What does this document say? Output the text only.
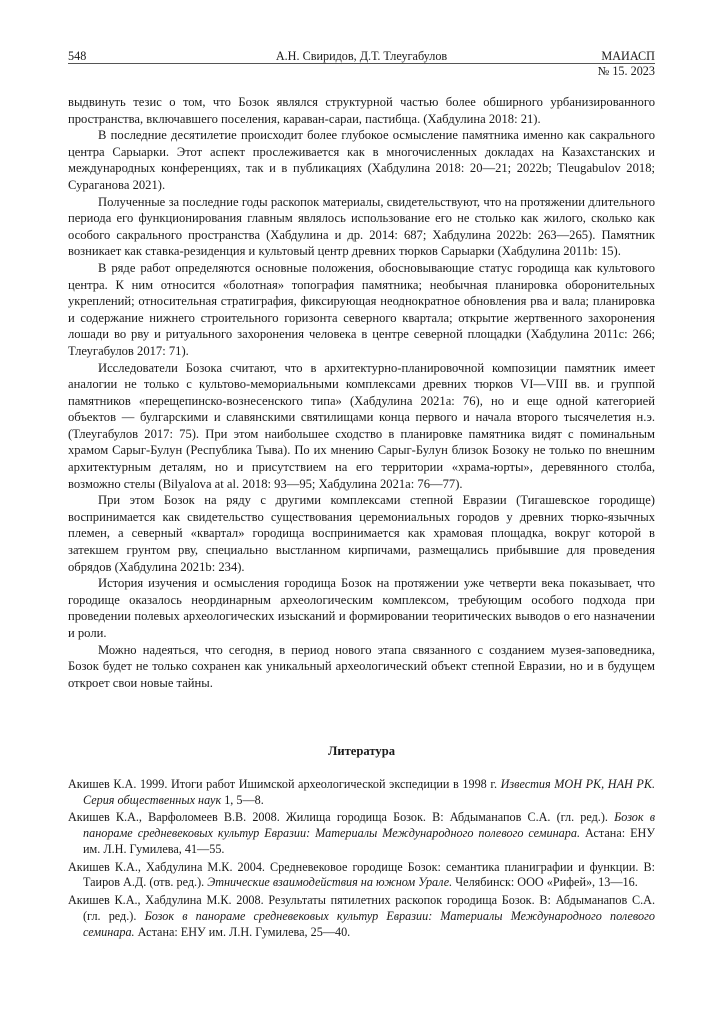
548	А.Н. Свиридов, Д.Т. Тлеугабулов	МАИАСП
№ 15. 2023

выдвинуть тезис о том, что Бозок являлся структурной частью более обширного урбанизированного пространства, включавшего поселения, караван-сараи, пастибща. (Хабдулина 2018: 21).

В последние десятилетие происходит более глубокое осмысление памятника именно как сакрального центра Сарыарки. Этот аспект прослеживается как в многочисленных докладах на Казахстанских и международных конференциях, так и в публикациях (Хабдулина 2018: 20—21; 2022b; Tleugabulov 2018; Сураганова 2021).

Полученные за последние годы раскопок материалы, свидетельствуют, что на протяжении длительного периода его функционирования главным являлось использование его не столько как жилого, сколько как особого сакрального пространства (Хабдулина и др. 2014: 687; Хабдулина 2022b: 263—265). Памятник возникает как ставка-резиденция и культовый центр древних тюрков Сарыарки (Хабдулина 2011b: 15).

В ряде работ определяются основные положения, обосновывающие статус городища как культового центра. К ним относится «болотная» топография памятника; необычная планировка оборонительных укреплений; относительная стратиграфия, фиксирующая неоднократное обновления рва и вала; планировка и содержание нижнего строительного горизонта северного квартала; открытие жертвенного захоронения лошади во рву и ритуального захоронения человека в центре северной площадки (Хабдулина 2011c: 266; Тлеугабулов 2017: 71).

Исследователи Бозока считают, что в архитектурно-планировочной композиции памятник имеет аналогии не только с культово-мемориальными комплексами древних тюрков VI—VIII вв. и группой памятников «перещепинско-вознесенского типа» (Хабдулина 2021a: 76), но и еще одной категорией объектов — булгарскими и славянскими святилищами конца первого и начала второго тысячелетия н.э. (Тлеугабулов 2017: 75). При этом наибольшее сходство в планировке памятника видят с поминальным храмом Сарыг-Булун (Республика Тыва). По их мнению Сарыг-Булун близок Бозоку не только по внешним архитектурным деталям, но и присутствием на его территории «храма-юрты», деревянного столба, возможно стелы (Bilyalova at al. 2018: 93—95; Хабдулина 2021a: 76—77).

При этом Бозок на ряду с другими комплексами степной Евразии (Тигашевское городище) воспринимается как свидетельство существования церемониальных городов у древних тюрко-язычных племен, а северный «квартал» городища воспринимается как храмовая площадка, вокруг которой в затекшем грунтом рву, специально выстланном кирпичами, размещались прибывшие для проведения обрядов (Хабдулина 2021b: 234).

История изучения и осмысления городища Бозок на протяжении уже четверти века показывает, что городище оказалось неординарным археологическим комплексом, требующим особого подхода при проведении полевых археологических изысканий и формировании теоритических выводов о его назначении и роли.

Можно надеяться, что сегодня, в период нового этапа связанного с созданием музея-заповедника, Бозок будет не только сохранен как уникальный археологический объект степной Евразии, но и в будущем откроет свои новые тайны.

Литература

Акишев К.А. 1999. Итоги работ Ишимской археологической экспедиции в 1998 г. Известия МОН РК, НАН РК. Серия общественных наук 1, 5—8.

Акишев К.А., Варфоломеев В.В. 2008. Жилища городища Бозок. В: Абдыманапов С.А. (гл. ред.). Бозок в панораме средневековых культур Евразии: Материалы Международного полевого семинара. Астана: ЕНУ им. Л.Н. Гумилева, 41—55.

Акишев К.А., Хабдулина М.К. 2004. Средневековое городище Бозок: семантика планиграфии и функции. В: Таиров А.Д. (отв. ред.). Этнические взаимодействия на южном Урале. Челябинск: ООО «Рифей», 13—16.

Акишев К.А., Хабдулина М.К. 2008. Результаты пятилетних раскопок городища Бозок. В: Абдыманапов С.А. (гл. ред.). Бозок в панораме средневековых культур Евразии: Материалы Международного полевого семинара. Астана: ЕНУ им. Л.Н. Гумилева, 25—40.
